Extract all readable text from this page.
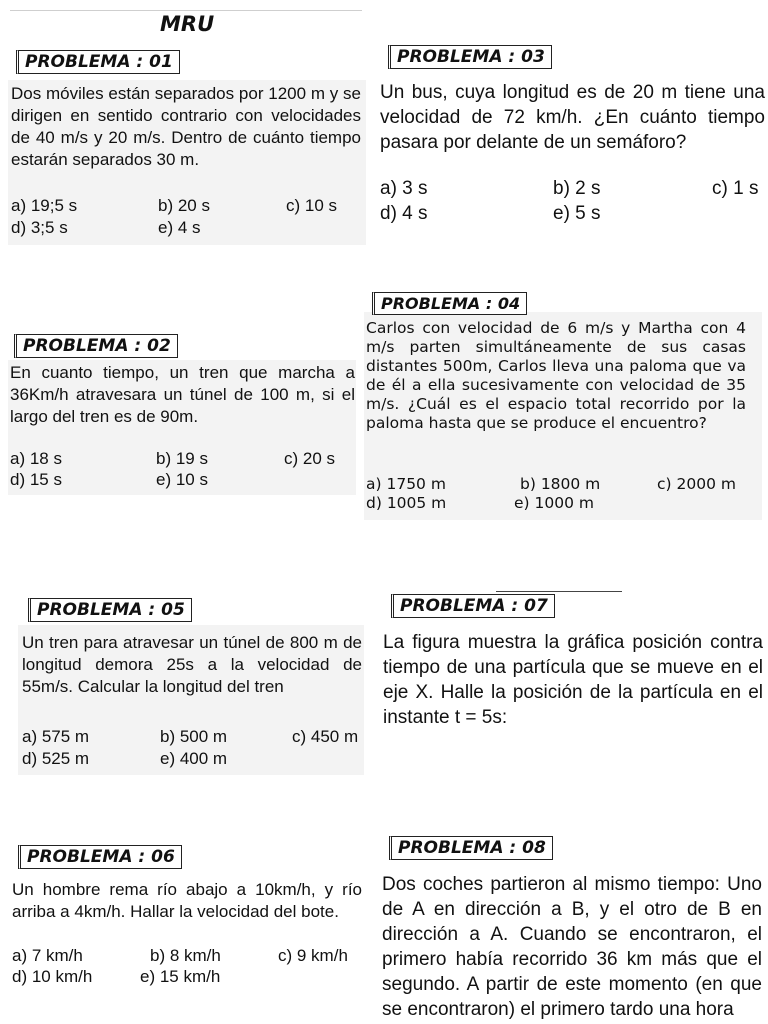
MRU
PROBLEMA : 01

Dos móviles están separados por 1200 m y se dirigen en sentido contrario con velocidades de 40 m/s y 20 m/s. Dentro de cuánto tiempo estarán separados 30 m.

a) 19;5 s	b) 20 s	c) 10 s
d) 3;5 s	e) 4 s
PROBLEMA : 02

En cuanto tiempo, un tren que marcha a 36Km/h atravesara un túnel de 100 m, si el largo del tren es de 90m.

a) 18 s	b) 19 s	c) 20 s
d) 15 s	e) 10 s
PROBLEMA : 03

Un bus, cuya longitud es de 20 m tiene una velocidad de 72 km/h. ¿En cuánto tiempo pasara por delante de un semáforo?

a) 3 s	b) 2 s	c) 1 s
d) 4 s	e) 5 s
PROBLEMA : 04

Carlos con velocidad de 6 m/s y Martha con 4 m/s parten simultáneamente de sus casas distantes 500m, Carlos lleva una paloma que va de él a ella sucesivamente con velocidad de 35 m/s. ¿Cuál es el espacio total recorrido por la paloma hasta que se produce el encuentro?

a) 1750 m	b) 1800 m	c) 2000 m
d) 1005 m	e) 1000 m
PROBLEMA : 05

Un tren para atravesar un túnel de 800 m de longitud demora 25s a la velocidad de 55m/s. Calcular la longitud del tren

a) 575 m	b) 500 m	c) 450 m
d) 525 m	e) 400 m
PROBLEMA : 06

Un hombre rema río abajo a 10km/h, y río arriba a 4km/h. Hallar la velocidad del bote.

a) 7 km/h	b) 8 km/h	c) 9 km/h
d) 10 km/h	e) 15 km/h
PROBLEMA : 07

La figura muestra la gráfica posición contra tiempo de una partícula que se mueve en el eje X. Halle la posición de la partícula en el instante t = 5s:

PROBLEMA : 08

Dos coches partieron al mismo tiempo: Uno de A en dirección a B, y el otro de B en dirección a A. Cuando se encontraron, el primero había recorrido 36 km más que el segundo. A partir de este momento (en que se encontraron) el primero tardo una hora
